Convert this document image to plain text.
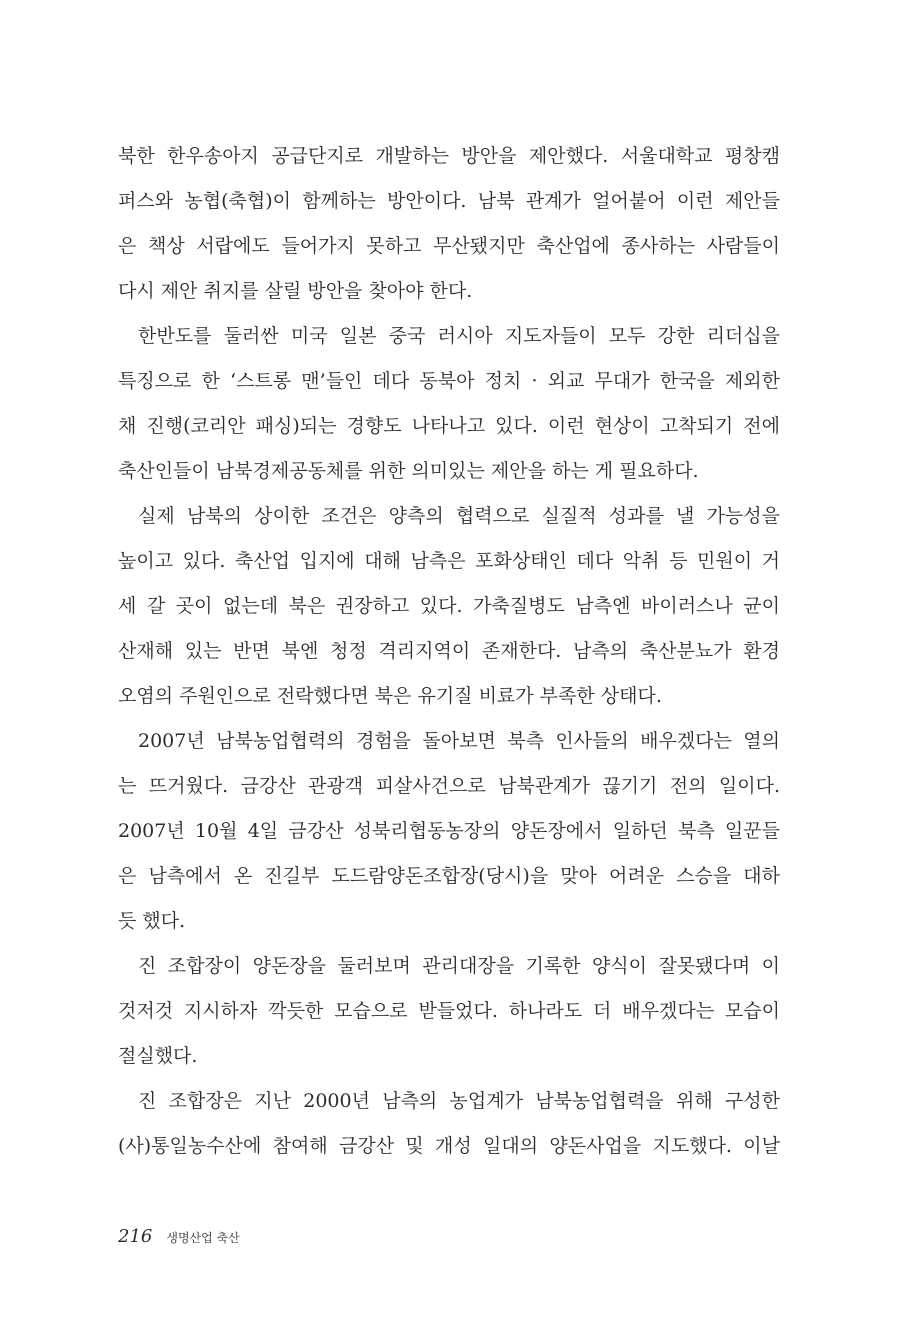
북한 한우송아지 공급단지로 개발하는 방안을 제안했다. 서울대학교 평창캠
퍼스와 농협(축협)이 함께하는 방안이다. 남북 관계가 얼어붙어 이런 제안들
은 책상 서랍에도 들어가지 못하고 무산됐지만 축산업에 종사하는 사람들이
다시 제안 취지를 살릴 방안을 찾아야 한다.
한반도를 둘러싼 미국 일본 중국 러시아 지도자들이 모두 강한 리더십을
특징으로 한 ‘스트롱 맨’들인 데다 동북아 정치 · 외교 무대가 한국을 제외한
채 진행(코리안 패싱)되는 경향도 나타나고 있다. 이런 현상이 고착되기 전에
축산인들이 남북경제공동체를 위한 의미있는 제안을 하는 게 필요하다.
실제 남북의 상이한 조건은 양측의 협력으로 실질적 성과를 낼 가능성을
높이고 있다. 축산업 입지에 대해 남측은 포화상태인 데다 악취 등 민원이 거
세 갈 곳이 없는데 북은 권장하고 있다. 가축질병도 남측엔 바이러스나 균이
산재해 있는 반면 북엔 청정 격리지역이 존재한다. 남측의 축산분뇨가 환경
오염의 주원인으로 전락했다면 북은 유기질 비료가 부족한 상태다.
2007년 남북농업협력의 경험을 돌아보면 북측 인사들의 배우겠다는 열의
는 뜨거웠다. 금강산 관광객 피살사건으로 남북관계가 끊기기 전의 일이다.
2007년 10월 4일 금강산 성북리협동농장의 양돈장에서 일하던 북측 일꾼들
은 남측에서 온 진길부 도드람양돈조합장(당시)을 맞아 어려운 스승을 대하
듯 했다.
진 조합장이 양돈장을 둘러보며 관리대장을 기록한 양식이 잘못됐다며 이
것저것 지시하자 깍듯한 모습으로 받들었다. 하나라도 더 배우겠다는 모습이
절실했다.
진 조합장은 지난 2000년 남측의 농업계가 남북농업협력을 위해 구성한
(사)통일농수산에 참여해 금강산 및 개성 일대의 양돈사업을 지도했다. 이날
216 생명산업 축산
